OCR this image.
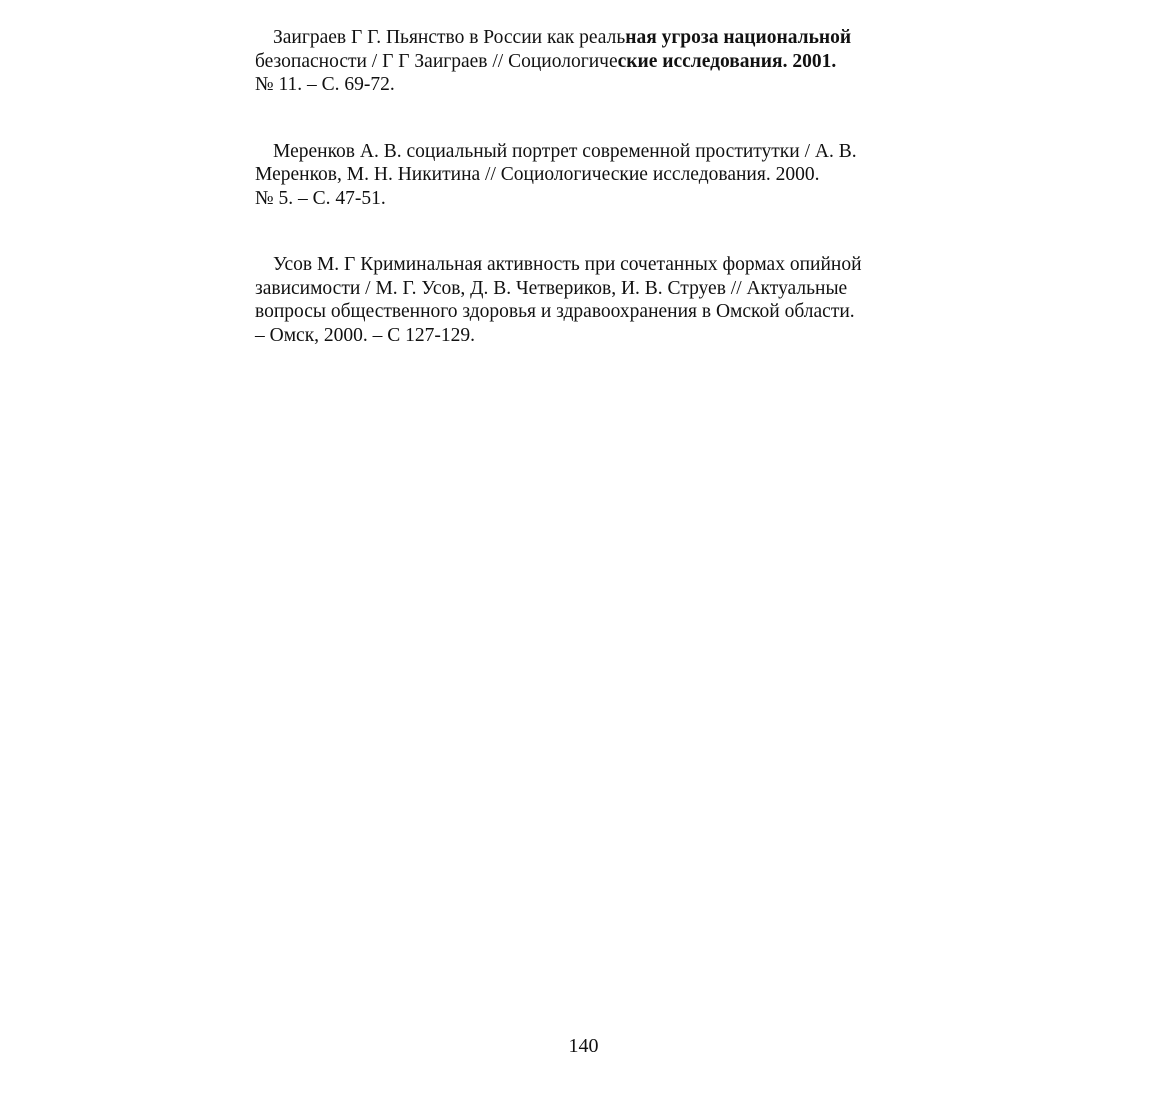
Заиграев Г Г. Пьянство в России как реальная угроза национальной
безопасности / Г Г Заиграев // Социологические исследования. 2001.
№ 11. – С. 69-72.

Меренков А. В. социальный портрет современной проститутки / А. В.
Меренков, М. Н. Никитина // Социологические исследования. 2000.
№ 5. – С. 47-51.

Усов М. Г Криминальная активность при сочетанных формах опийной
зависимости / М. Г. Усов, Д. В. Четвериков, И. В. Струев // Актуальные
вопросы общественного здоровья и здравоохранения в Омской области.
– Омск, 2000. – С 127-129.

140
